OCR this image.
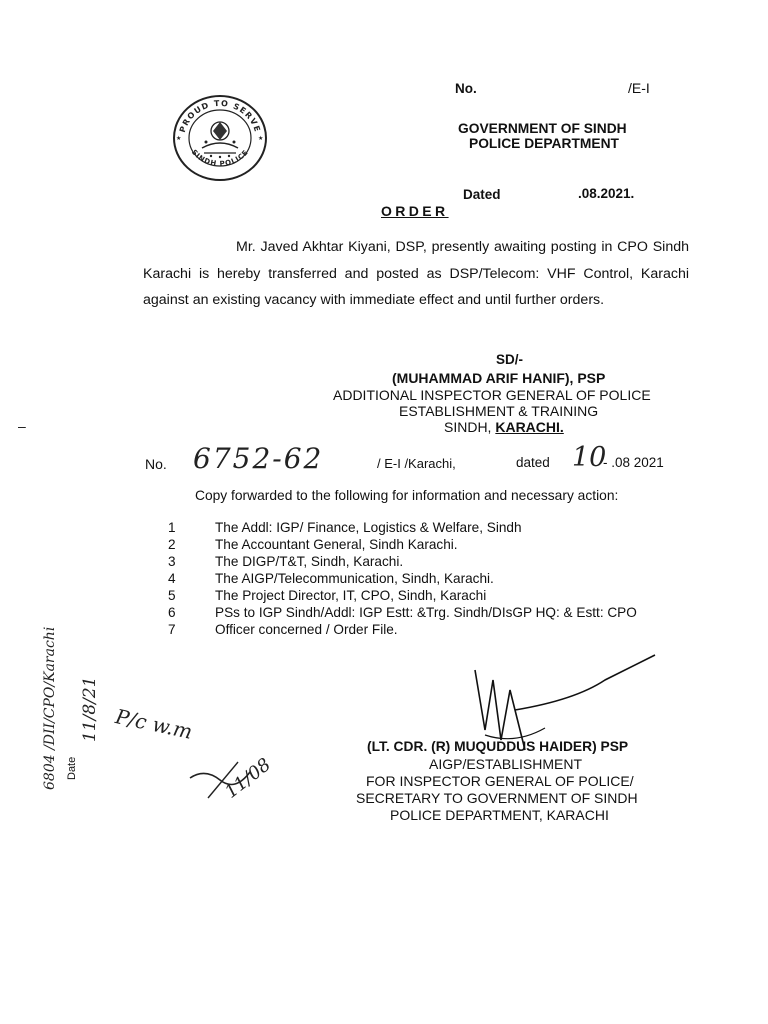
No.	/E-I
GOVERNMENT OF SINDH
POLICE DEPARTMENT
Dated	.08.2021.
PROUD TO SERVE
SINDH POLICE
★	★
ORDER

Mr. Javed Akhtar Kiyani, DSP, presently awaiting posting in CPO Sindh Karachi is hereby transferred and posted as DSP/Telecom: VHF Control, Karachi against an existing vacancy with immediate effect and until further orders.

SD/-
(MUHAMMAD ARIF HANIF), PSP
ADDITIONAL INSPECTOR GENERAL OF POLICE
ESTABLISHMENT & TRAINING
SINDH, KARACHI.
No. 6752-62	/ E-I /Karachi,	dated 10
- .08 2021
Copy forwarded to the following for information and necessary action:
1	The Addl: IGP/ Finance, Logistics & Welfare, Sindh
2	The Accountant General, Sindh Karachi.
3	The DIGP/T&T, Sindh, Karachi.
4	The AIGP/Telecommunication, Sindh, Karachi.
5	The Project Director, IT, CPO, Sindh, Karachi
6	PSs to IGP Sindh/Addl: IGP Estt: &Trg. Sindh/DIsGP HQ: & Estt: CPO
7	Officer concerned / Order File.
6804 /DII/CPO/Karachi Date
11/8/21
–
P/c w.m
11/08
(LT. CDR. (R) MUQUDDUS HAIDER) PSP
AIGP/ESTABLISHMENT
FOR INSPECTOR GENERAL OF POLICE/
SECRETARY TO GOVERNMENT OF SINDH
POLICE DEPARTMENT, KARACHI
